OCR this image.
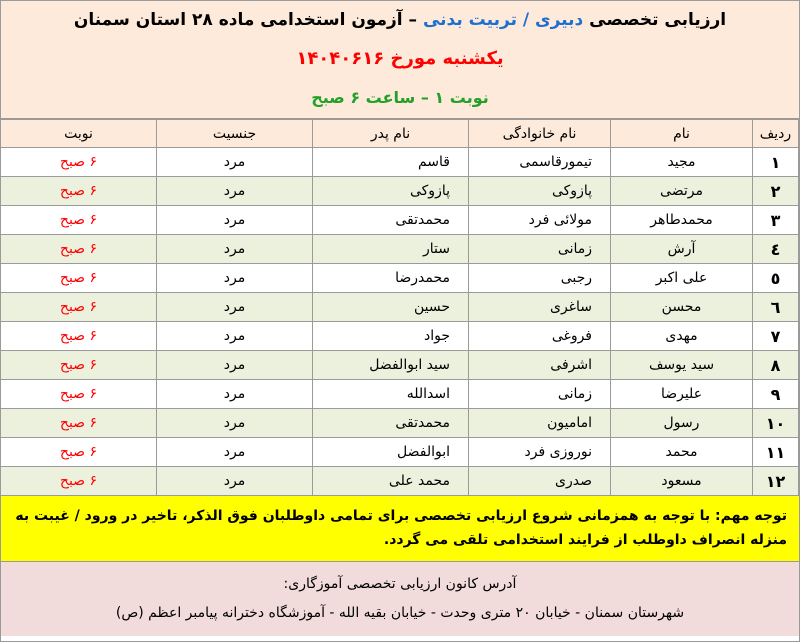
ارزیابی تخصصی دبیری / تربیت بدنی – آزمون استخدامی ماده ۲۸ استان سمنان
یکشنبه مورخ ۱۴۰۴۰۶۱۶
نوبت ۱ – ساعت ۶ صبح
ردیف	نام	نام خانوادگی	نام پدر	جنسیت	نوبت
۱	مجید	تیمورقاسمی	قاسم	مرد	۶ صبح
۲	مرتضی	پازوکی	پازوکی	مرد	۶ صبح
۳	محمدطاهر	مولائی فرد	محمدتقی	مرد	۶ صبح
٤	آرش	زمانی	ستار	مرد	۶ صبح
٥	علی اکبر	رجبی	محمدرضا	مرد	۶ صبح
٦	محسن	ساغری	حسین	مرد	۶ صبح
۷	مهدی	فروغی	جواد	مرد	۶ صبح
۸	سید یوسف	اشرفی	سید ابوالفضل	مرد	۶ صبح
۹	علیرضا	زمانی	اسدالله	مرد	۶ صبح
۱۰	رسول	امامیون	محمدتقی	مرد	۶ صبح
۱۱	محمد	نوروزی فرد	ابوالفضل	مرد	۶ صبح
۱۲	مسعود	صدری	محمد علی	مرد	۶ صبح
توجه مهم: با توجه به همزمانی شروع ارزیابی تخصصی برای تمامی داوطلبان فوق الذکر، تاخیر در ورود / غیبت به منزله انصراف داوطلب از فرایند استخدامی تلقی می گردد.
آدرس کانون ارزیابی تخصصی آموزگاری:
شهرستان سمنان - خیابان ۲۰ متری وحدت - خیابان بقیه الله - آموزشگاه دخترانه پیامبر اعظم (ص)
